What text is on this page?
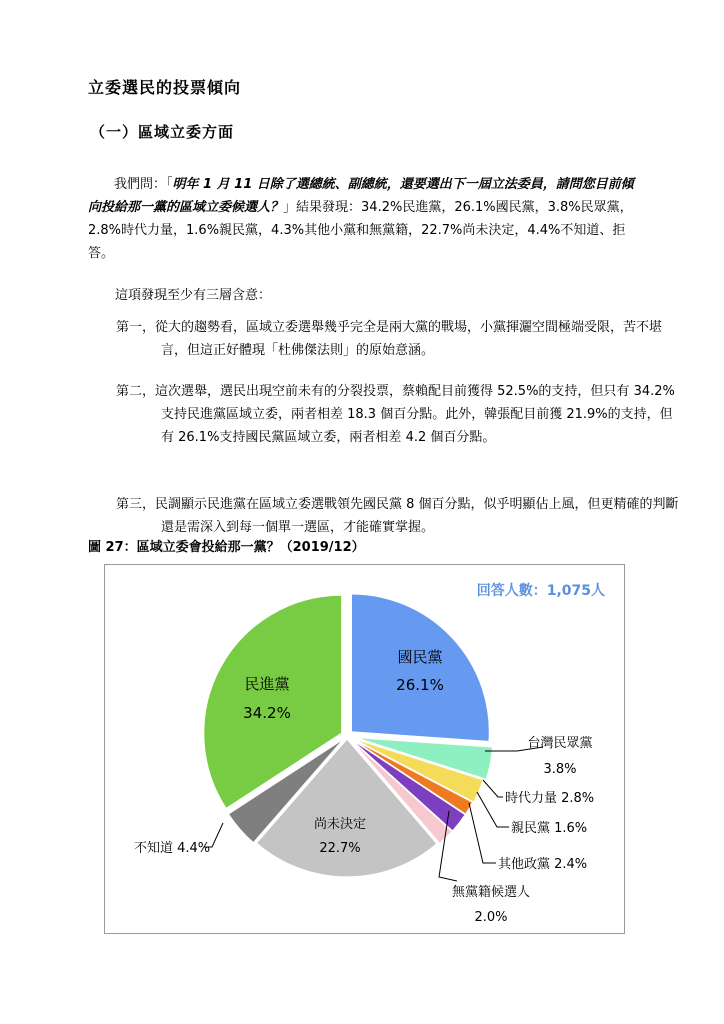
立委選民的投票傾向
（一）區域立委方面

我們問：「明年 1 月 11 日除了選總統、副總統，還要選出下一屆立法委員，請問您目前傾向投給那一黨的區域立委候選人？」結果發現：34.2%民進黨，26.1%國民黨，3.8%民眾黨，2.8%時代力量，1.6%親民黨，4.3%其他小黨和無黨籍，22.7%尚未決定，4.4%不知道、拒答。

這項發現至少有三層含意：

第一，從大的趨勢看，區域立委選舉幾乎完全是兩大黨的戰場，小黨揮灑空間極端受限，苦不堪言，但這正好體現「杜佛傑法則」的原始意涵。

第二，這次選舉，選民出現空前未有的分裂投票，蔡賴配目前獲得 52.5%的支持，但只有 34.2%支持民進黨區域立委，兩者相差 18.3 個百分點。此外，韓張配目前獲 21.9%的支持，但有 26.1%支持國民黨區域立委，兩者相差 4.2 個百分點。

第三，民調顯示民進黨在區域立委選戰領先國民黨 8 個百分點，似乎明顯佔上風，但更精確的判斷還是需深入到每一個單一選區，才能確實掌握。

圖 27：區域立委會投給那一黨？（2019/12）
國民黨
26.1%
台灣民眾黨
3.8%
時代力量 2.8%
親民黨 1.6%
其他政黨 2.4%
無黨籍候選人
2.0%
尚未決定
22.7%
不知道 4.4%
民進黨
34.2%
回答人數：1,075人
